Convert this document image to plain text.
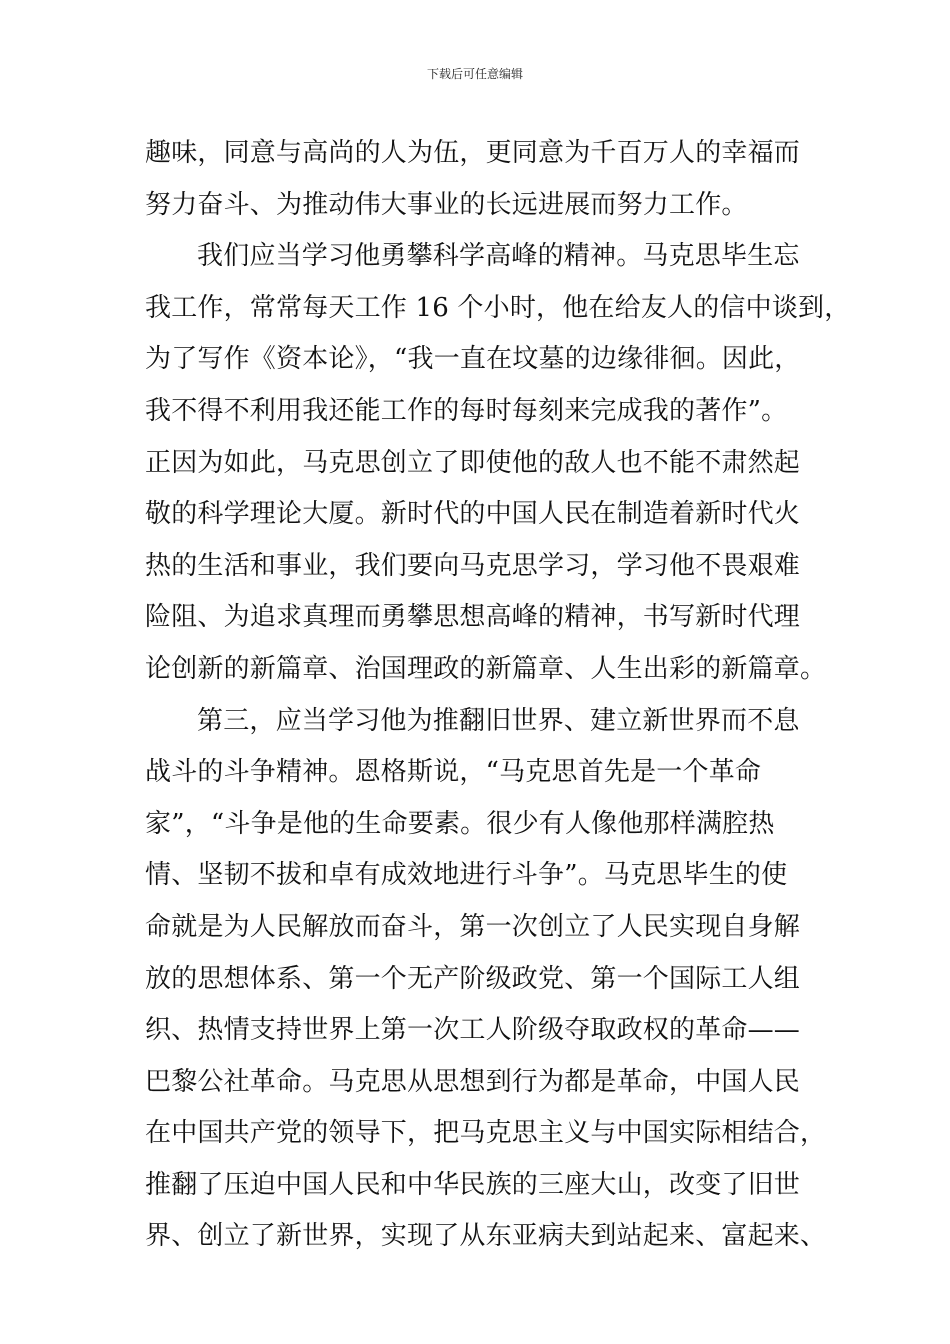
下载后可任意编辑
趣味，同意与高尚的人为伍，更同意为千百万人的幸福而
努力奋斗、为推动伟大事业的长远进展而努力工作。
我们应当学习他勇攀科学高峰的精神。马克思毕生忘
我工作，常常每天工作 16 个小时，他在给友人的信中谈到，
为了写作《资本论》，“我一直在坟墓的边缘徘徊。因此，
我不得不利用我还能工作的每时每刻来完成我的著作”。
正因为如此，马克思创立了即使他的敌人也不能不肃然起
敬的科学理论大厦。新时代的中国人民在制造着新时代火
热的生活和事业，我们要向马克思学习，学习他不畏艰难
险阻、为追求真理而勇攀思想高峰的精神，书写新时代理
论创新的新篇章、治国理政的新篇章、人生出彩的新篇章。
第三，应当学习他为推翻旧世界、建立新世界而不息
战斗的斗争精神。恩格斯说，“马克思首先是一个革命
家”，“斗争是他的生命要素。很少有人像他那样满腔热
情、坚韧不拔和卓有成效地进行斗争”。马克思毕生的使
命就是为人民解放而奋斗，第一次创立了人民实现自身解
放的思想体系、第一个无产阶级政党、第一个国际工人组
织、热情支持世界上第一次工人阶级夺取政权的革命——
巴黎公社革命。马克思从思想到行为都是革命，中国人民
在中国共产党的领导下，把马克思主义与中国实际相结合，
推翻了压迫中国人民和中华民族的三座大山，改变了旧世
界、创立了新世界，实现了从东亚病夫到站起来、富起来、
